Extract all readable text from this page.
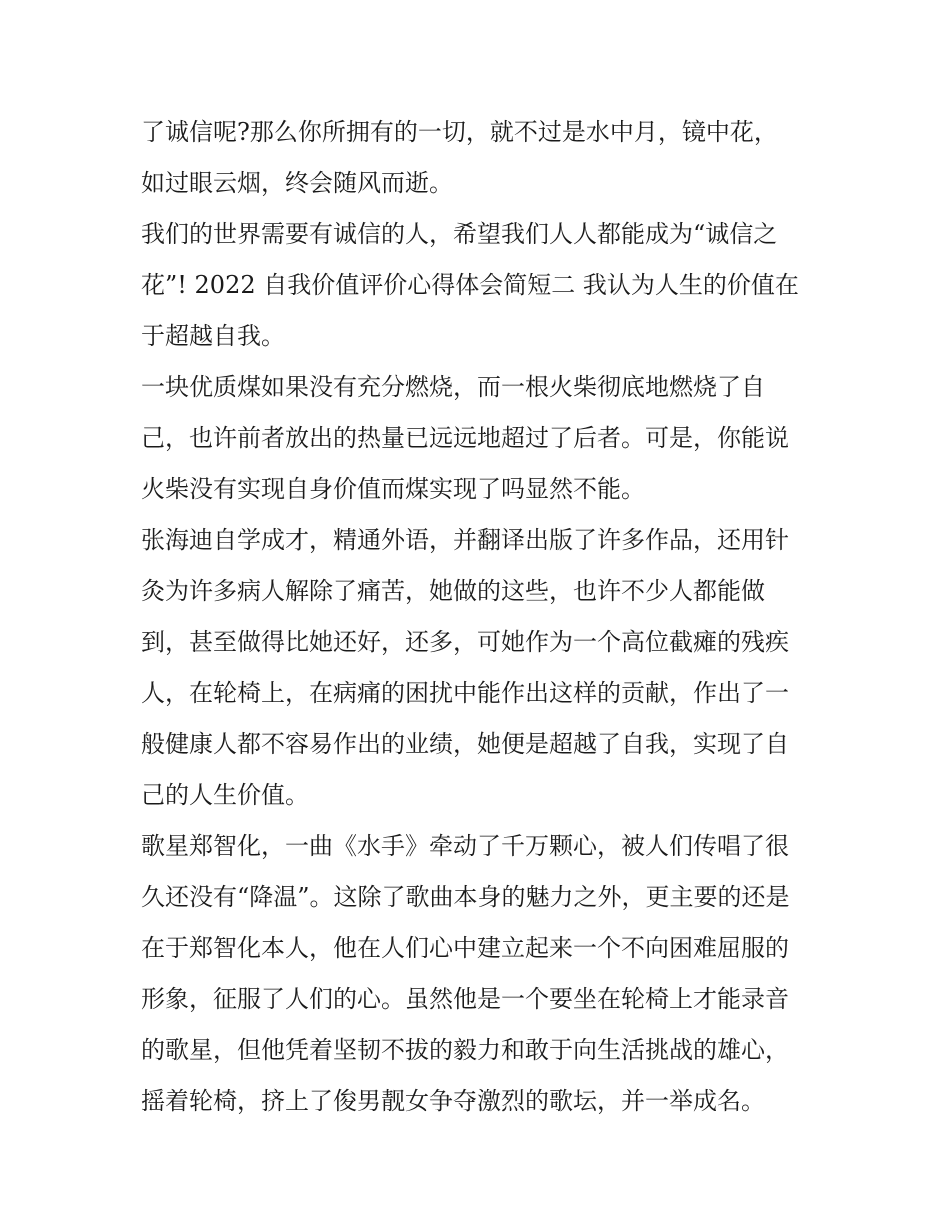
了诚信呢?那么你所拥有的一切，就不过是水中月，镜中花，
如过眼云烟，终会随风而逝。
我们的世界需要有诚信的人，希望我们人人都能成为“诚信之
花”! 2022 自我价值评价心得体会简短二 我认为人生的价值在
于超越自我。
一块优质煤如果没有充分燃烧，而一根火柴彻底地燃烧了自
己，也许前者放出的热量已远远地超过了后者。可是，你能说
火柴没有实现自身价值而煤实现了吗显然不能。
张海迪自学成才，精通外语，并翻译出版了许多作品，还用针
灸为许多病人解除了痛苦，她做的这些，也许不少人都能做
到，甚至做得比她还好，还多，可她作为一个高位截瘫的残疾
人，在轮椅上，在病痛的困扰中能作出这样的贡献，作出了一
般健康人都不容易作出的业绩，她便是超越了自我，实现了自
己的人生价值。
歌星郑智化，一曲《水手》牵动了千万颗心，被人们传唱了很
久还没有“降温”。这除了歌曲本身的魅力之外，更主要的还是
在于郑智化本人，他在人们心中建立起来一个不向困难屈服的
形象，征服了人们的心。虽然他是一个要坐在轮椅上才能录音
的歌星，但他凭着坚韧不拔的毅力和敢于向生活挑战的雄心，
摇着轮椅，挤上了俊男靓女争夺激烈的歌坛，并一举成名。
